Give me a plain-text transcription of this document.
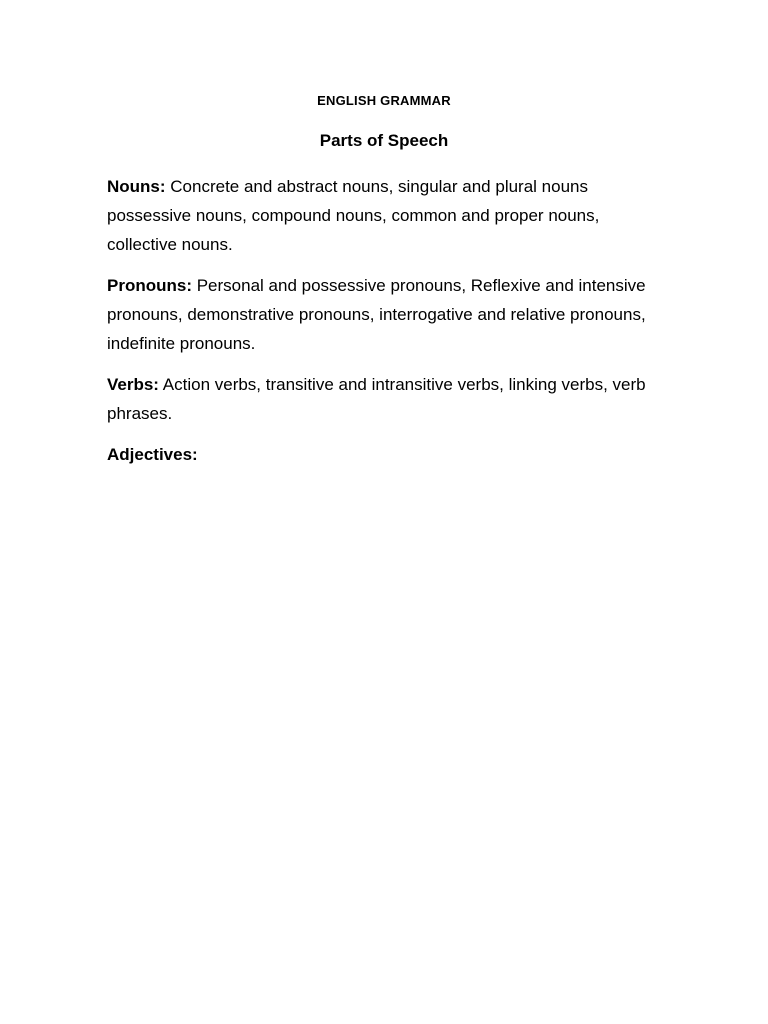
ENGLISH GRAMMAR
Parts of Speech

Nouns: Concrete and abstract nouns, singular and plural nouns possessive nouns, compound nouns, common and proper nouns, collective nouns.

Pronouns: Personal and possessive pronouns, Reflexive and intensive pronouns, demonstrative pronouns, interrogative and relative pronouns, indefinite pronouns.

Verbs: Action verbs, transitive and intransitive verbs, linking verbs, verb phrases.

Adjectives:
